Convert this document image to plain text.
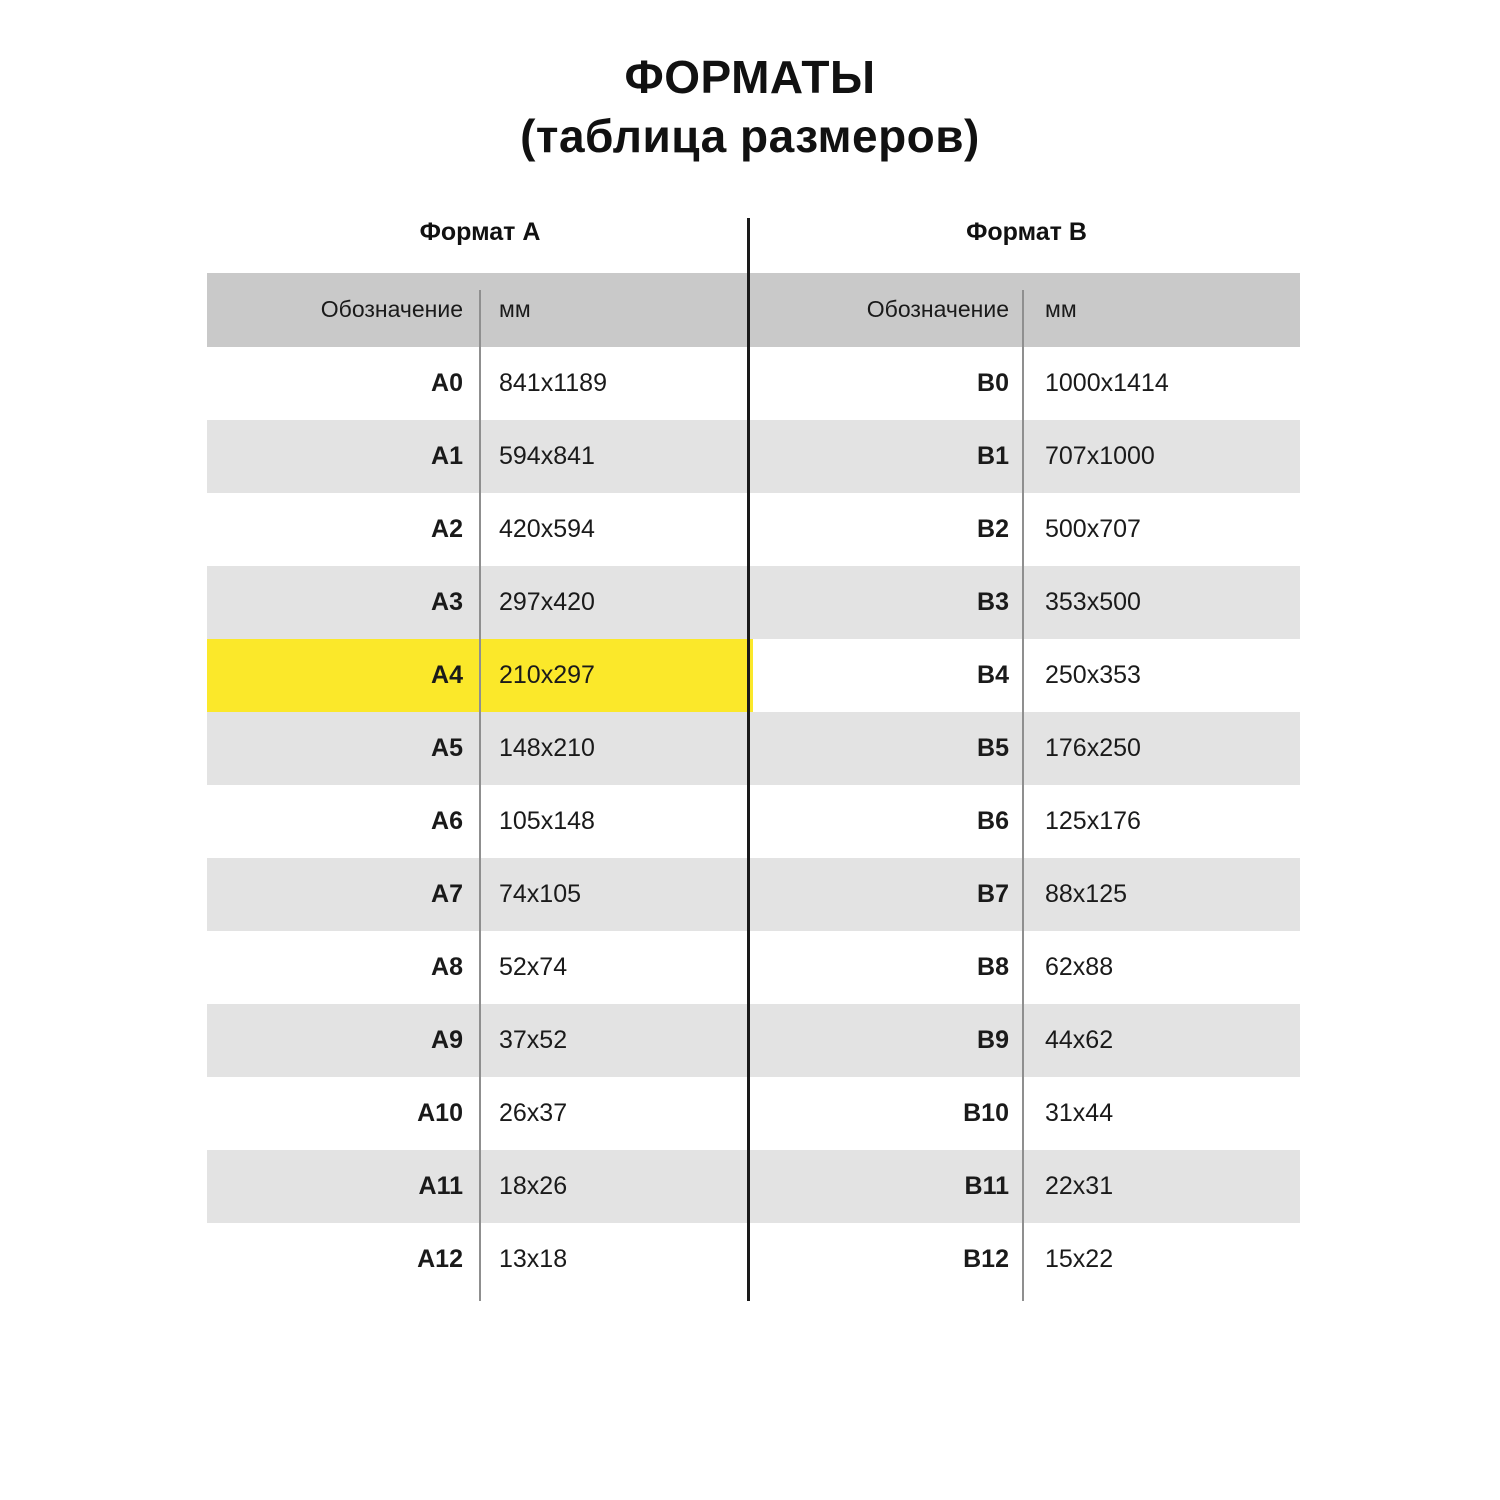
ФОРМАТЫ
(таблица размеров)
Формат A		Формат B	
Обозначение	мм	Обозначение	мм
A0	841x1189	B0	1000x1414
A1	594x841	B1	707x1000
A2	420x594	B2	500x707
A3	297x420	B3	353x500
A4	210x297	B4	250x353
A5	148x210	B5	176x250
A6	105x148	B6	125x176
A7	74x105	B7	88x125
A8	52x74	B8	62x88
A9	37x52	B9	44x62
A10	26x37	B10	31x44
A11	18x26	B11	22x31
A12	13x18	B12	15x22
